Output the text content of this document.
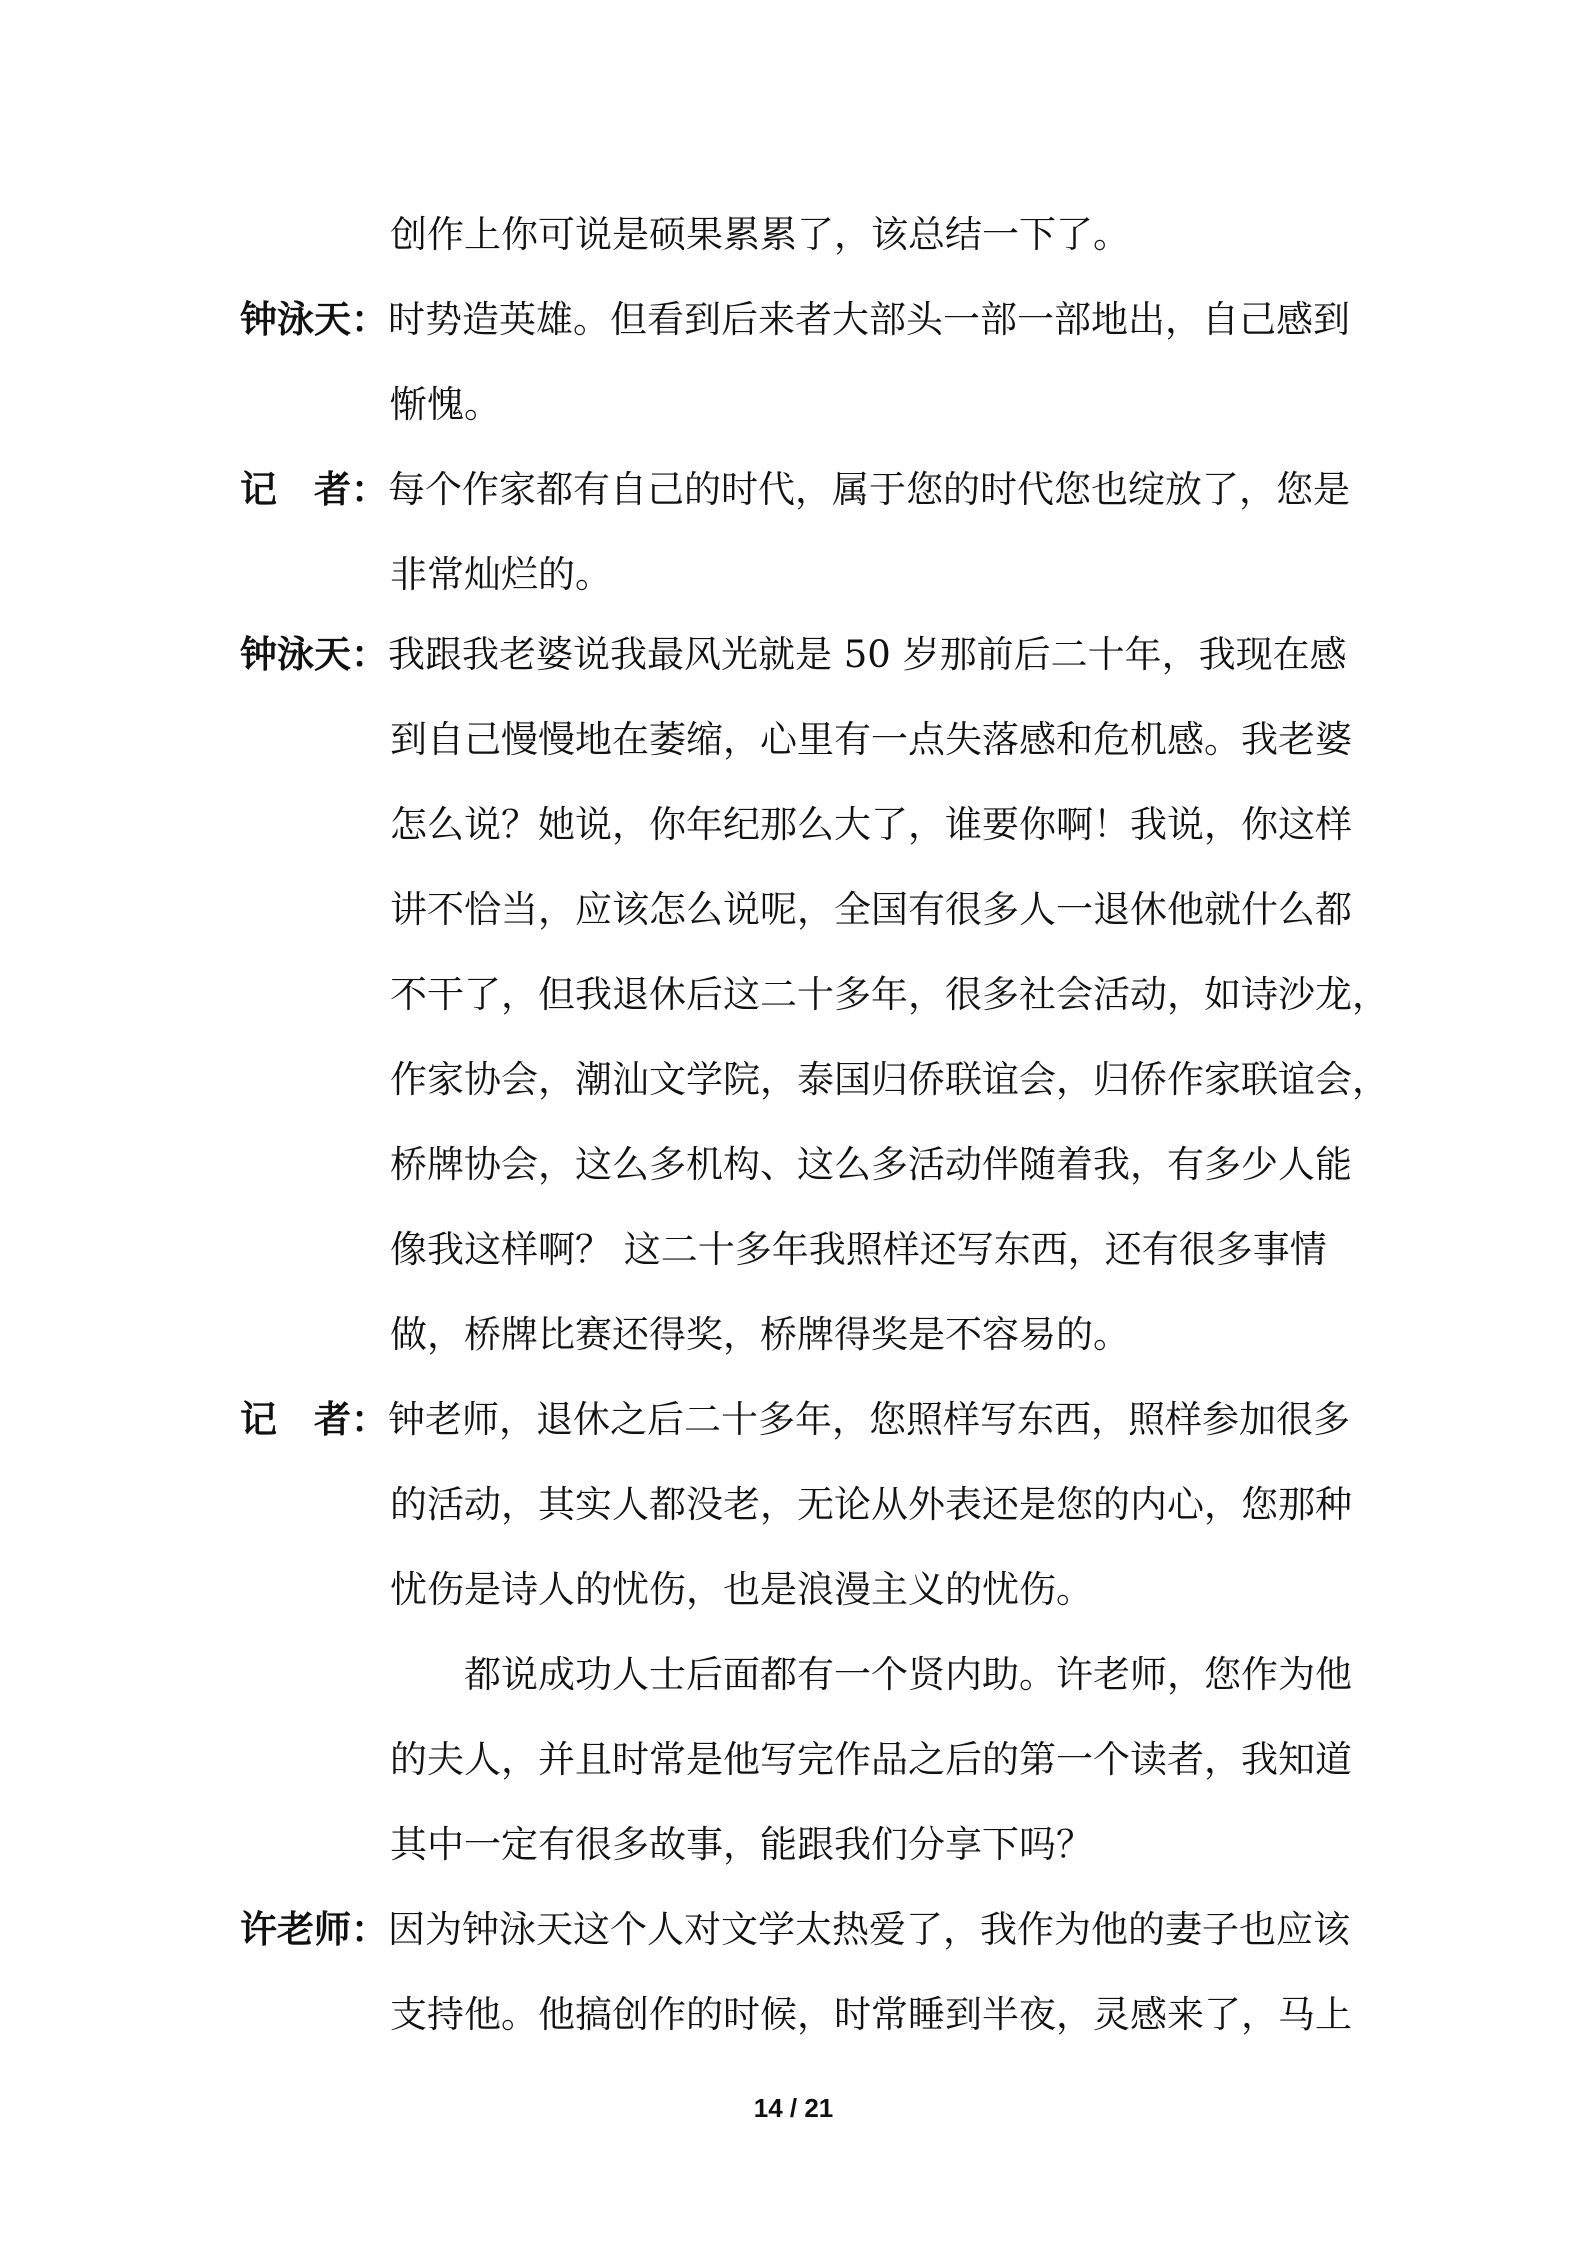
创作上你可说是硕果累累了，该总结一下了。
钟泳天：时势造英雄。但看到后来者大部头一部一部地出，自己感到
惭愧。
记　者：每个作家都有自己的时代，属于您的时代您也绽放了，您是
非常灿烂的。
钟泳天：我跟我老婆说我最风光就是 50 岁那前后二十年，我现在感
到自己慢慢地在萎缩，心里有一点失落感和危机感。我老婆
怎么说？她说，你年纪那么大了，谁要你啊！我说，你这样
讲不恰当，应该怎么说呢，全国有很多人一退休他就什么都
不干了，但我退休后这二十多年，很多社会活动，如诗沙龙，
作家协会，潮汕文学院，泰国归侨联谊会，归侨作家联谊会，
桥牌协会，这么多机构、这么多活动伴随着我，有多少人能
像我这样啊？ 这二十多年我照样还写东西，还有很多事情
做，桥牌比赛还得奖，桥牌得奖是不容易的。
记　者：钟老师，退休之后二十多年，您照样写东西，照样参加很多
的活动，其实人都没老，无论从外表还是您的内心，您那种
忧伤是诗人的忧伤，也是浪漫主义的忧伤。
　　都说成功人士后面都有一个贤内助。许老师，您作为他
的夫人，并且时常是他写完作品之后的第一个读者，我知道
其中一定有很多故事，能跟我们分享下吗？
许老师：因为钟泳天这个人对文学太热爱了，我作为他的妻子也应该
支持他。他搞创作的时候，时常睡到半夜，灵感来了，马上
14 / 21
